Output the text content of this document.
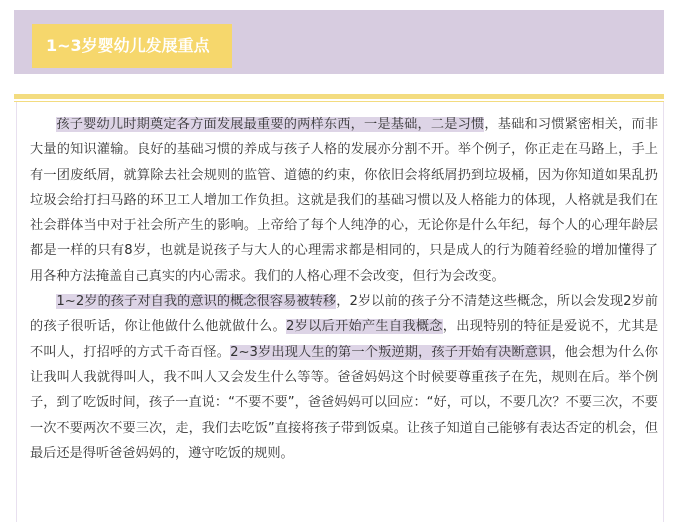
1~3岁婴幼儿发展重点

孩子婴幼儿时期奠定各方面发展最重要的两样东西，一是基础，二是习惯，基础和习惯紧密相关，而非大量的知识灌输。良好的基础习惯的养成与孩子人格的发展亦分割不开。举个例子，你正走在马路上，手上有一团废纸屑，就算除去社会规则的监管、道德的约束，你依旧会将纸屑扔到垃圾桶，因为你知道如果乱扔垃圾会给打扫马路的环卫工人增加工作负担。这就是我们的基础习惯以及人格能力的体现，人格就是我们在社会群体当中对于社会所产生的影响。上帝给了每个人纯净的心，无论你是什么年纪，每个人的心理年龄层都是一样的只有8岁，也就是说孩子与大人的心理需求都是相同的，只是成人的行为随着经验的增加懂得了用各种方法掩盖自己真实的内心需求。我们的人格心理不会改变，但行为会改变。

1~2岁的孩子对自我的意识的概念很容易被转移，2岁以前的孩子分不清楚这些概念，所以会发现2岁前的孩子很听话，你让他做什么他就做什么。2岁以后开始产生自我概念，出现特别的特征是爱说不，尤其是不叫人，打招呼的方式千奇百怪。2~3岁出现人生的第一个叛逆期，孩子开始有决断意识，他会想为什么你让我叫人我就得叫人，我不叫人又会发生什么等等。爸爸妈妈这个时候要尊重孩子在先，规则在后。举个例子，到了吃饭时间，孩子一直说：“不要不要”，爸爸妈妈可以回应：“好，可以，不要几次？不要三次，不要一次不要两次不要三次，走，我们去吃饭”直接将孩子带到饭桌。让孩子知道自己能够有表达否定的机会，但最后还是得听爸爸妈妈的，遵守吃饭的规则。
